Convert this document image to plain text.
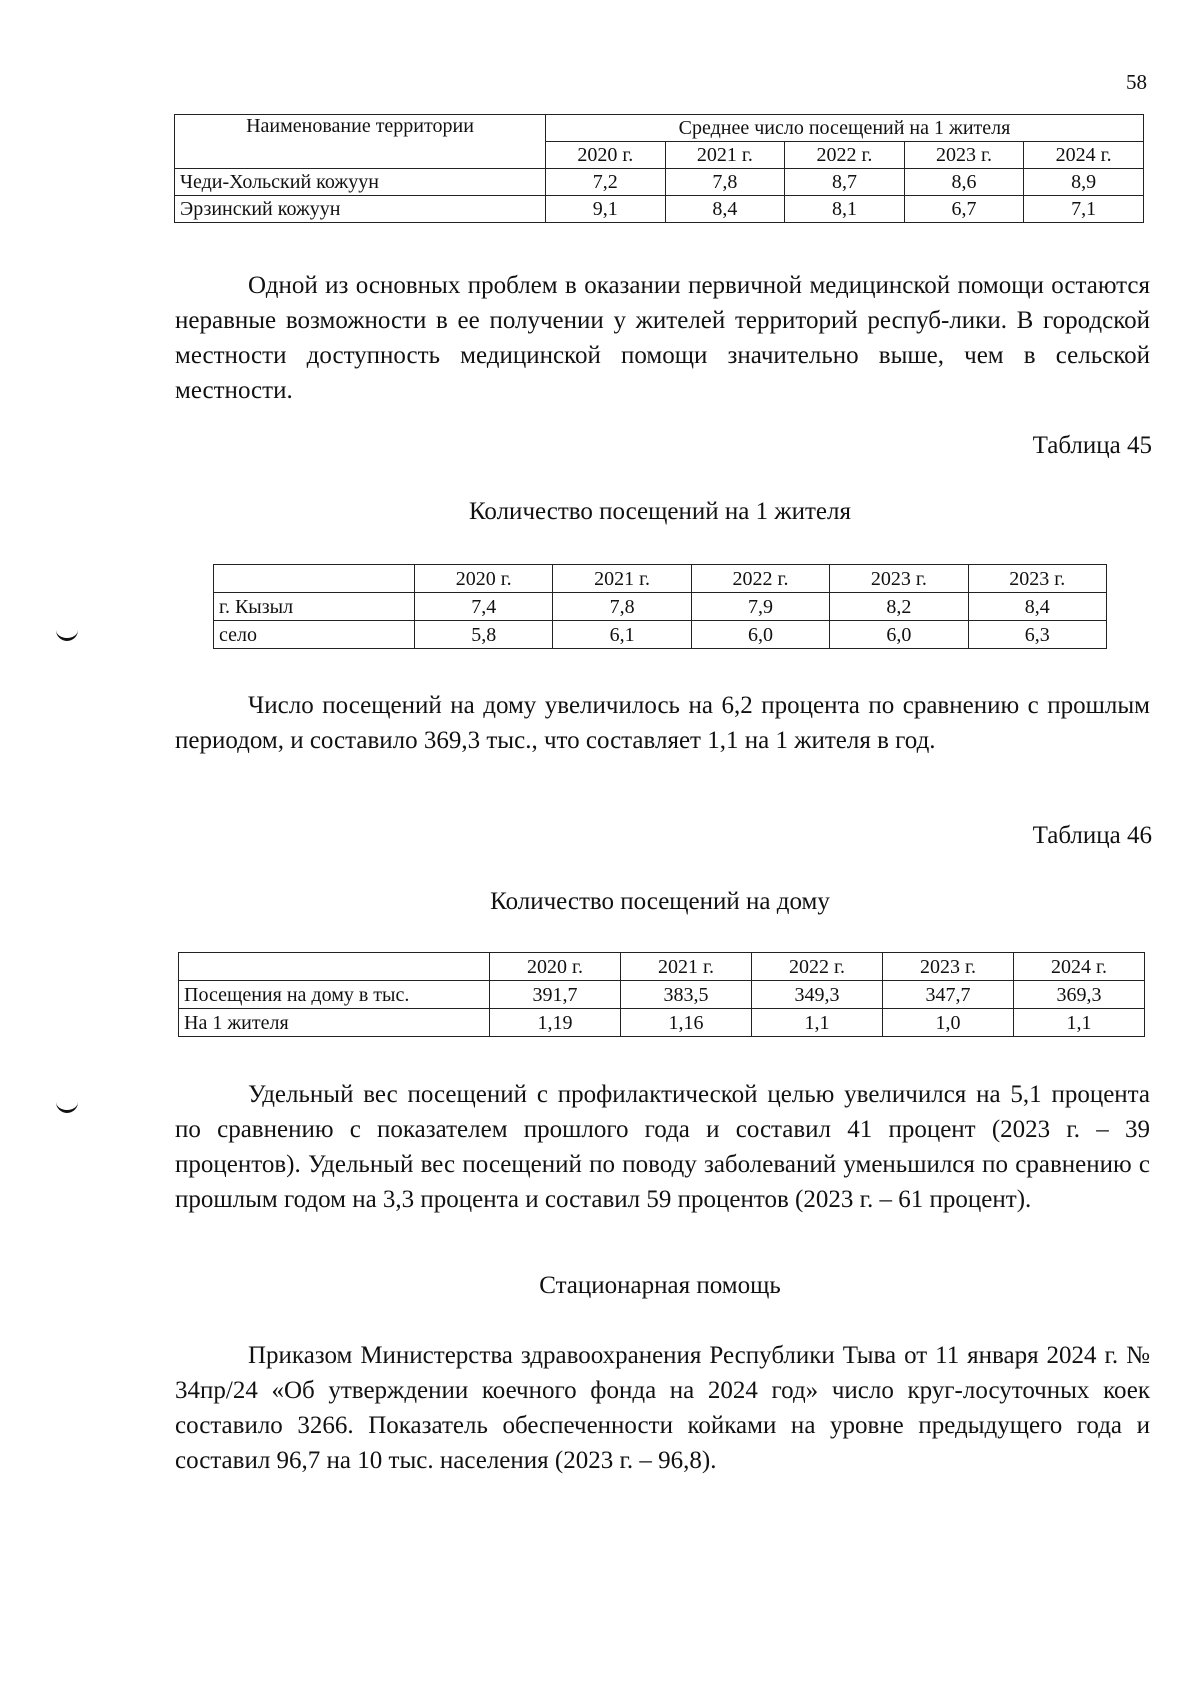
58
Наименование территории	Среднее число посещений на 1 жителя				
	2020 г.	2021 г.	2022 г.	2023 г.	2024 г.
Чеди-Хольский кожуун	7,2	7,8	8,7	8,6	8,9
Эрзинский кожуун	9,1	8,4	8,1	6,7	7,1

Одной из основных проблем в оказании первичной медицинской помощи остаются неравные возможности в ее получении у жителей территорий респуб-лики. В городской местности доступность медицинской помощи значительно выше, чем в сельской местности.

Таблица 45
Количество посещений на 1 жителя
	2020 г.	2021 г.	2022 г.	2023 г.	2023 г.
г. Кызыл	7,4	7,8	7,9	8,2	8,4
село	5,8	6,1	6,0	6,0	6,3

Число посещений на дому увеличилось на 6,2 процента по сравнению с прошлым периодом, и составило 369,3 тыс., что составляет 1,1 на 1 жителя в год.

Таблица 46
Количество посещений на дому
	2020 г.	2021 г.	2022 г.	2023 г.	2024 г.
Посещения на дому в тыс.	391,7	383,5	349,3	347,7	369,3
На 1 жителя	1,19	1,16	1,1	1,0	1,1

Удельный вес посещений с профилактической целью увеличился на 5,1 процента по сравнению с показателем прошлого года и составил 41 процент (2023 г. – 39 процентов). Удельный вес посещений по поводу заболеваний уменьшился по сравнению с прошлым годом на 3,3 процента и составил 59 процентов (2023 г. – 61 процент).

Стационарная помощь

Приказом Министерства здравоохранения Республики Тыва от 11 января 2024 г. № 34пр/24 «Об утверждении коечного фонда на 2024 год» число круг-лосуточных коек составило 3266. Показатель обеспеченности койками на уровне предыдущего года и составил 96,7 на 10 тыс. населения (2023 г. – 96,8).
